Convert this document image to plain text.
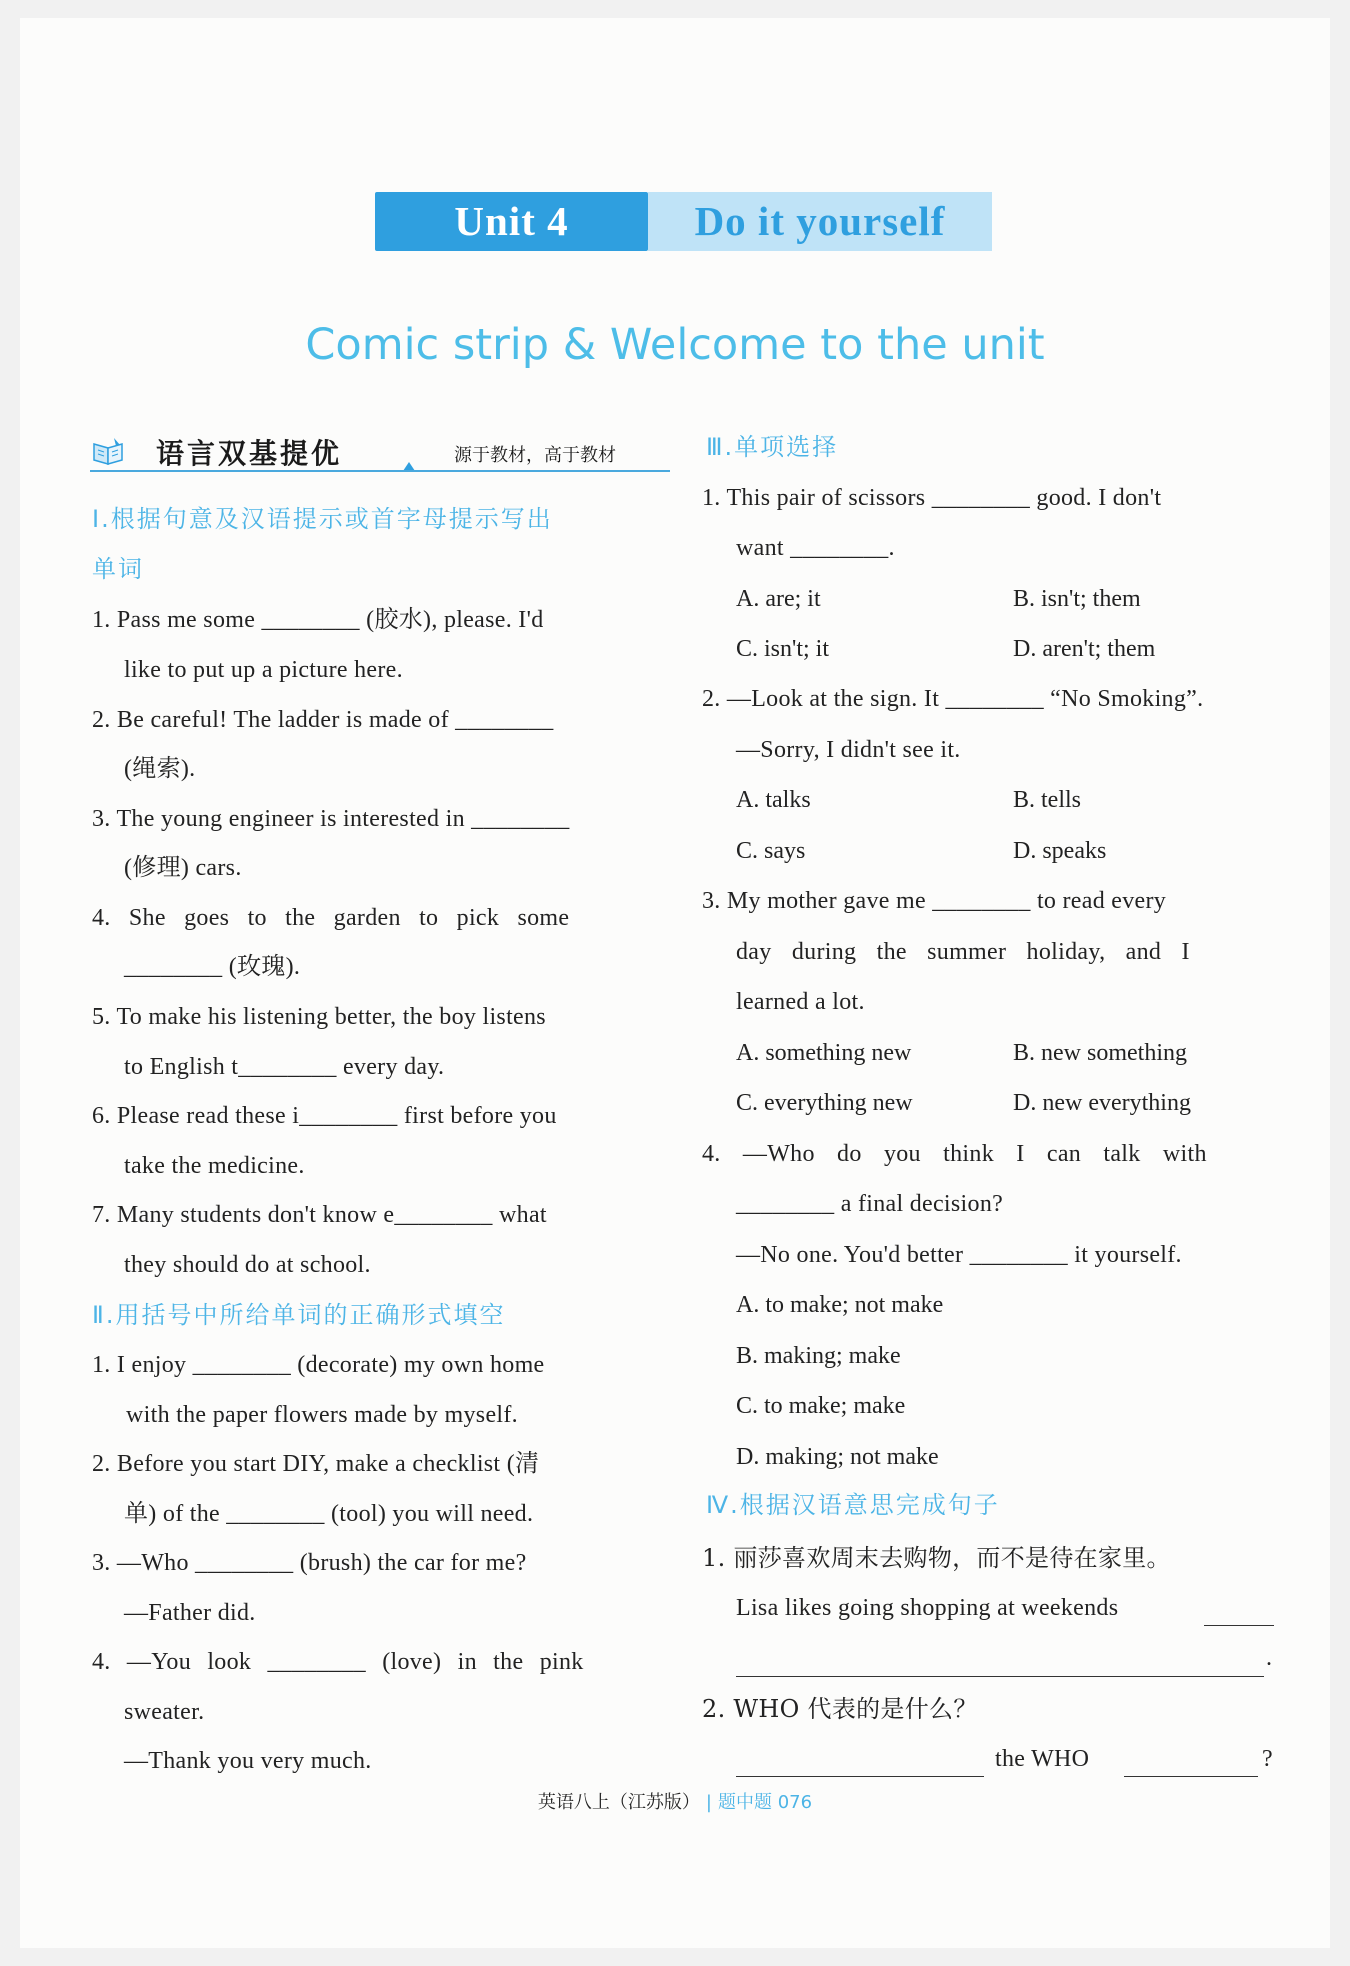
Unit 4	Do it yourself
Comic strip & Welcome to the unit
语言双基提优	源于教材，高于教材
Ⅰ.根据句意及汉语提示或首字母提示写出
单词
1. Pass me some ________ (胶水), please. I'd
like to put up a picture here.
2. Be careful! The ladder is made of ________
(绳索).
3. The young engineer is interested in ________
(修理) cars.
4. She goes to the garden to pick some
________ (玫瑰).
5. To make his listening better, the boy listens
to English t________ every day.
6. Please read these i________ first before you
take the medicine.
7. Many students don't know e________ what
they should do at school.
Ⅱ.用括号中所给单词的正确形式填空
1. I enjoy ________ (decorate) my own home
with the paper flowers made by myself.
2. Before you start DIY, make a checklist (清
单) of the ________ (tool) you will need.
3. —Who ________ (brush) the car for me?
—Father did.
4. —You look ________ (love) in the pink
sweater.
—Thank you very much.
Ⅲ.单项选择
1. This pair of scissors ________ good. I don't
want ________.
A. are; it	B. isn't; them
C. isn't; it	D. aren't; them
2. —Look at the sign. It ________ “No Smoking”.
—Sorry, I didn't see it.
A. talks	B. tells
C. says	D. speaks
3. My mother gave me ________ to read every
day during the summer holiday, and I
learned a lot.
A. something new	B. new something
C. everything new	D. new everything
4. —Who do you think I can talk with
________ a final decision?
—No one. You'd better ________ it yourself.
A. to make; not make
B. making; make
C. to make; make
D. making; not make
Ⅳ.根据汉语意思完成句子
1. 丽莎喜欢周末去购物，而不是待在家里。
Lisa likes going shopping at weekends
.
2. WHO 代表的是什么？
the WHO	?
英语八上（江苏版） | 题中题 076
